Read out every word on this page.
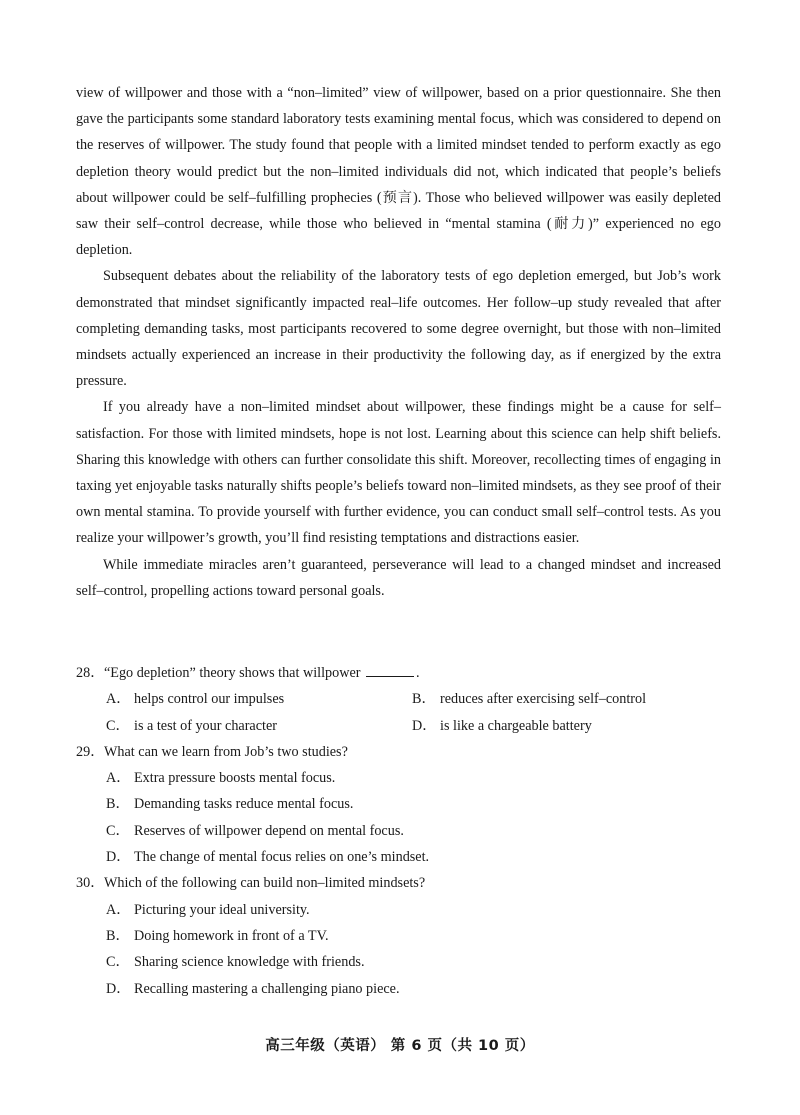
view of willpower and those with a “non–limited” view of willpower, based on a prior questionnaire. She then gave the participants some standard laboratory tests examining mental focus, which was considered to depend on the reserves of willpower. The study found that people with a limited mindset tended to perform exactly as ego depletion theory would predict but the non–limited individuals did not, which indicated that people’s beliefs about willpower could be self–fulfilling prophecies (预言). Those who believed willpower was easily depleted saw their self–control decrease, while those who believed in “mental stamina (耐力)” experienced no ego depletion.

Subsequent debates about the reliability of the laboratory tests of ego depletion emerged, but Job’s work demonstrated that mindset significantly impacted real–life outcomes. Her follow–up study revealed that after completing demanding tasks, most participants recovered to some degree overnight, but those with non–limited mindsets actually experienced an increase in their productivity the following day, as if energized by the extra pressure.

If you already have a non–limited mindset about willpower, these findings might be a cause for self–satisfaction. For those with limited mindsets, hope is not lost. Learning about this science can help shift beliefs. Sharing this knowledge with others can further consolidate this shift. Moreover, recollecting times of engaging in taxing yet enjoyable tasks naturally shifts people’s beliefs toward non–limited mindsets, as they see proof of their own mental stamina. To provide yourself with further evidence, you can conduct small self–control tests. As you realize your willpower’s growth, you’ll find resisting temptations and distractions easier.

While immediate miracles aren’t guaranteed, perseverance will lead to a changed mindset and increased self–control, propelling actions toward personal goals.

28．“Ego depletion” theory shows that willpower	.
A． helps control our impulses	B． reduces after exercising self–control
C． is a test of your character	D． is like a chargeable battery
29．What can we learn from Job’s two studies?
A． Extra pressure boosts mental focus.
B． Demanding tasks reduce mental focus.
C． Reserves of willpower depend on mental focus.
D． The change of mental focus relies on one’s mindset.
30．Which of the following can build non–limited mindsets?
A． Picturing your ideal university.
B． Doing homework in front of a TV.
C． Sharing science knowledge with friends.
D． Recalling mastering a challenging piano piece.
高三年级（英语） 第 6 页（共 10 页）
